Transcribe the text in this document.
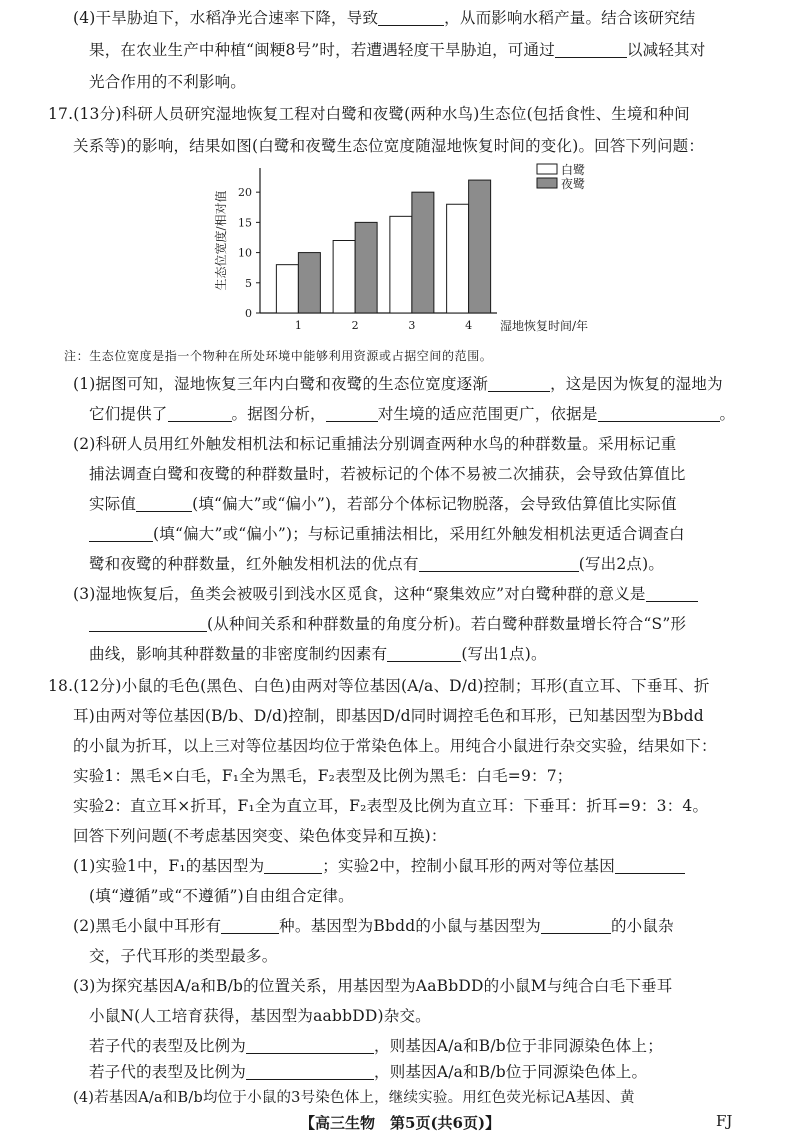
(4)干旱胁迫下，水稻净光合速率下降，导致	，从而影响水稻产量。结合该研究结
果，在农业生产中种植“闽粳8号”时，若遭遇轻度干旱胁迫，可通过	以减轻其对
光合作用的不利影响。
17.(13分)科研人员研究湿地恢复工程对白鹭和夜鹭(两种水鸟)生态位(包括食性、生境和种间
关系等)的影响，结果如图(白鹭和夜鹭生态位宽度随湿地恢复时间的变化)。回答下列问题：
0
5
10
15
20
1	2	3	4 湿地恢复时间/年
生态位宽度/相对值
白鹭
夜鹭
注：生态位宽度是指一个物种在所处环境中能够利用资源或占据空间的范围。
(1)据图可知，湿地恢复三年内白鹭和夜鹭的生态位宽度逐渐	，这是因为恢复的湿地为
它们提供了	。据图分析，	对生境的适应范围更广，依据是	。
(2)科研人员用红外触发相机法和标记重捕法分别调查两种水鸟的种群数量。采用标记重
捕法调查白鹭和夜鹭的种群数量时，若被标记的个体不易被二次捕获，会导致估算值比
实际值	(填“偏大”或“偏小”)，若部分个体标记物脱落，会导致估算值比实际值
(填“偏大”或“偏小”)；与标记重捕法相比，采用红外触发相机法更适合调查白
鹭和夜鹭的种群数量，红外触发相机法的优点有	(写出2点)。
(3)湿地恢复后，鱼类会被吸引到浅水区觅食，这种“聚集效应”对白鹭种群的意义是
(从种间关系和种群数量的角度分析)。若白鹭种群数量增长符合“S”形
曲线，影响其种群数量的非密度制约因素有	(写出1点)。
18.(12分)小鼠的毛色(黑色、白色)由两对等位基因(A/a、D/d)控制；耳形(直立耳、下垂耳、折
耳)由两对等位基因(B/b、D/d)控制，即基因D/d同时调控毛色和耳形，已知基因型为Bbdd
的小鼠为折耳，以上三对等位基因均位于常染色体上。用纯合小鼠进行杂交实验，结果如下：
实验1：黑毛×白毛，F₁全为黑毛，F₂表型及比例为黑毛：白毛=9：7；
实验2：直立耳×折耳，F₁全为直立耳，F₂表型及比例为直立耳：下垂耳：折耳=9：3：4。
回答下列问题(不考虑基因突变、染色体变异和互换)：
(1)实验1中，F₁的基因型为	；实验2中，控制小鼠耳形的两对等位基因
(填“遵循”或“不遵循”)自由组合定律。
(2)黑毛小鼠中耳形有	种。基因型为Bbdd的小鼠与基因型为	的小鼠杂
交，子代耳形的类型最多。
(3)为探究基因A/a和B/b的位置关系，用基因型为AaBbDD的小鼠M与纯合白毛下垂耳
小鼠N(人工培育获得，基因型为aabbDD)杂交。
若子代的表型及比例为	，则基因A/a和B/b位于非同源染色体上；
若子代的表型及比例为	，则基因A/a和B/b位于同源染色体上。
(4)若基因A/a和B/b均位于小鼠的3号染色体上，继续实验。用红色荧光标记A基因、黄
【高三生物　第5页(共6页)】	FJ
